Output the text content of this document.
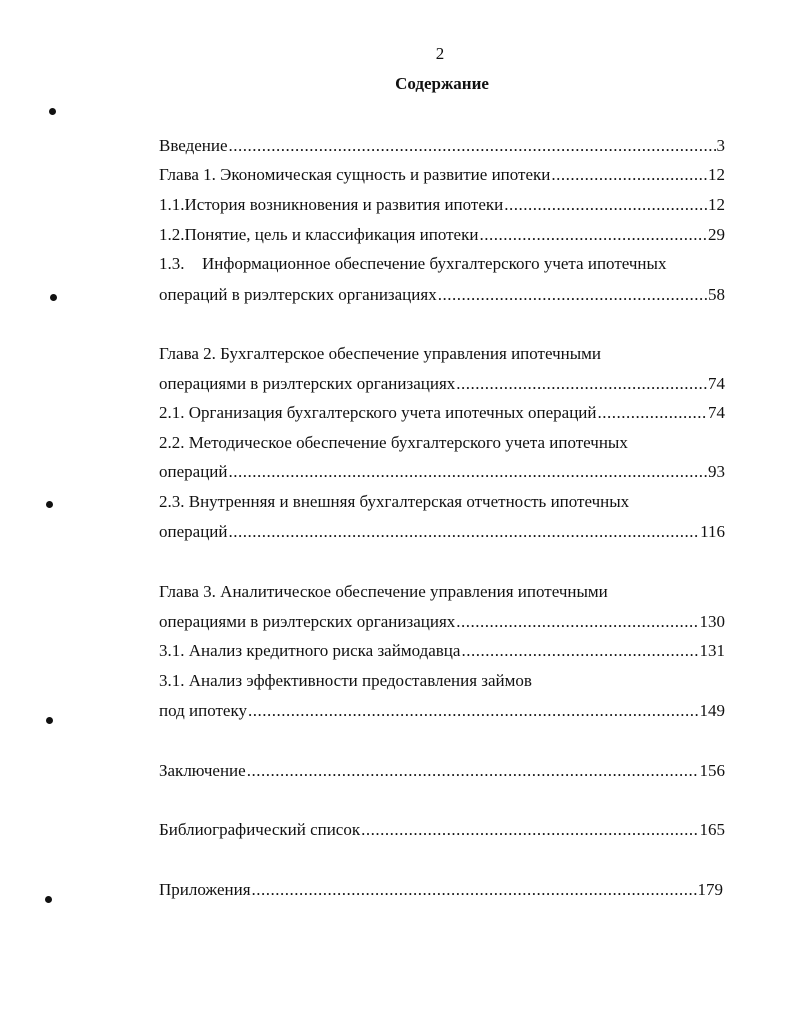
2
Содержание
Введение .....	3
Глава 1. Экономическая сущность и развитие ипотеки .....	12
1.1. История возникновения и развития ипотеки .....	12
1.2. Понятие, цель и классификация ипотеки .....	29
1.3. Информационное обеспечение бухгалтерского учета ипотечных
операций в риэлтерских организациях .....	58
Глава 2. Бухгалтерское обеспечение управления ипотечными
операциями в риэлтерских организациях .....	74
2.1. Организация бухгалтерского учета ипотечных операций .....	74
2.2. Методическое обеспечение бухгалтерского учета ипотечных
операций .....	93
2.3. Внутренняя и внешняя бухгалтерская отчетность ипотечных
операций .....	116
Глава 3. Аналитическое обеспечение управления ипотечными
операциями в риэлтерских организациях .....	130
3.1. Анализ кредитного риска займодавца .....	131
3.1. Анализ эффективности предоставления займов
под ипотеку .....	149
Заключение .....	156
Библиографический список .....	165
Приложения .....	179
